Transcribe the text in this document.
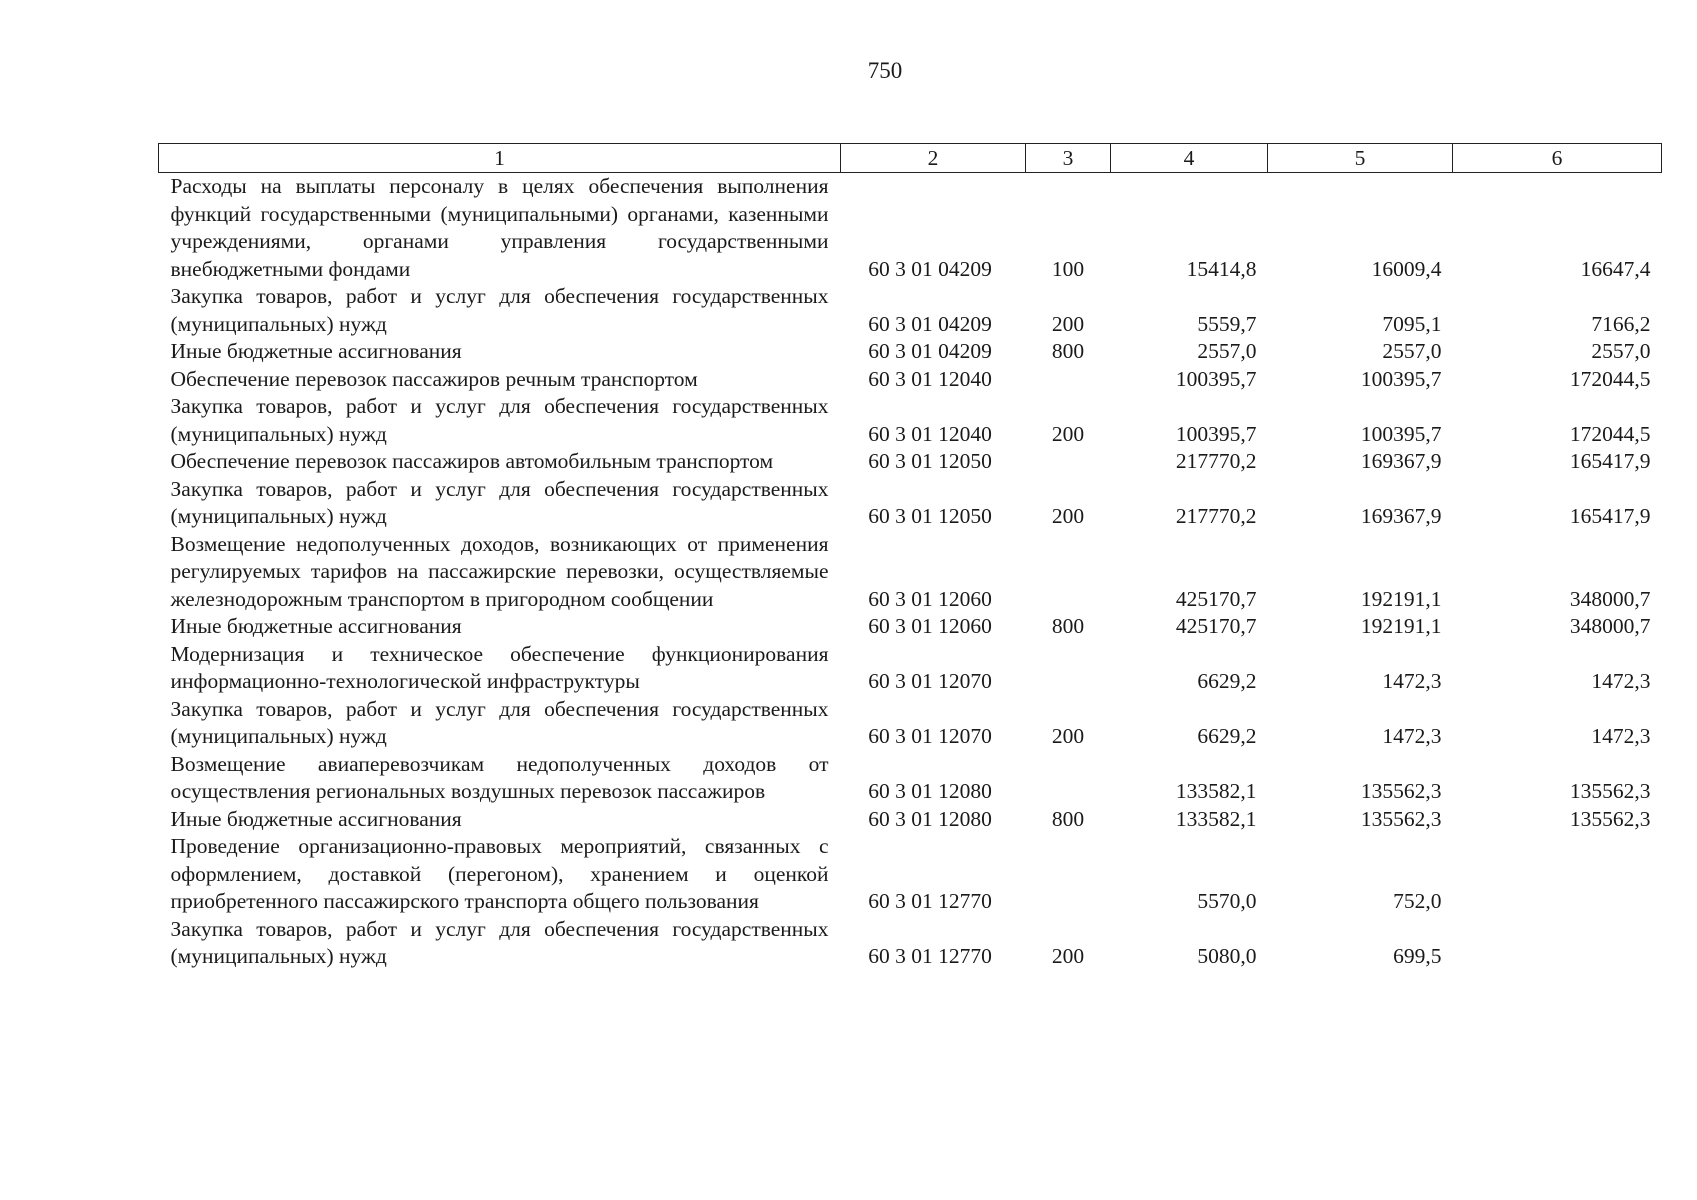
750
1	2	3	4	5	6
Расходы на выплаты персоналу в целях обеспечения выполнения функций государственными (муниципальными) органами, казенными учреждениями, органами управления государственными внебюджетными фондами	60 3 01 04209	100	15414,8	16009,4	16647,4
Закупка товаров, работ и услуг для обеспечения государственных (муниципальных) нужд	60 3 01 04209	200	5559,7	7095,1	7166,2
Иные бюджетные ассигнования	60 3 01 04209	800	2557,0	2557,0	2557,0
Обеспечение перевозок пассажиров речным транспортом	60 3 01 12040		100395,7	100395,7	172044,5
Закупка товаров, работ и услуг для обеспечения государственных (муниципальных) нужд	60 3 01 12040	200	100395,7	100395,7	172044,5
Обеспечение перевозок пассажиров автомобильным транспортом	60 3 01 12050		217770,2	169367,9	165417,9
Закупка товаров, работ и услуг для обеспечения государственных (муниципальных) нужд	60 3 01 12050	200	217770,2	169367,9	165417,9
Возмещение недополученных доходов, возникающих от применения регулируемых тарифов на пассажирские перевозки, осуществляемые железнодорожным транспортом в пригородном сообщении	60 3 01 12060		425170,7	192191,1	348000,7
Иные бюджетные ассигнования	60 3 01 12060	800	425170,7	192191,1	348000,7
Модернизация и техническое обеспечение функционирования информационно-технологической инфраструктуры	60 3 01 12070		6629,2	1472,3	1472,3
Закупка товаров, работ и услуг для обеспечения государственных (муниципальных) нужд	60 3 01 12070	200	6629,2	1472,3	1472,3
Возмещение авиаперевозчикам недополученных доходов от осуществления региональных воздушных перевозок пассажиров	60 3 01 12080		133582,1	135562,3	135562,3
Иные бюджетные ассигнования	60 3 01 12080	800	133582,1	135562,3	135562,3
Проведение организационно-правовых мероприятий, связанных с оформлением, доставкой (перегоном), хранением и оценкой приобретенного пассажирского транспорта общего пользования	60 3 01 12770		5570,0	752,0	
Закупка товаров, работ и услуг для обеспечения государственных (муниципальных) нужд	60 3 01 12770	200	5080,0	699,5	
